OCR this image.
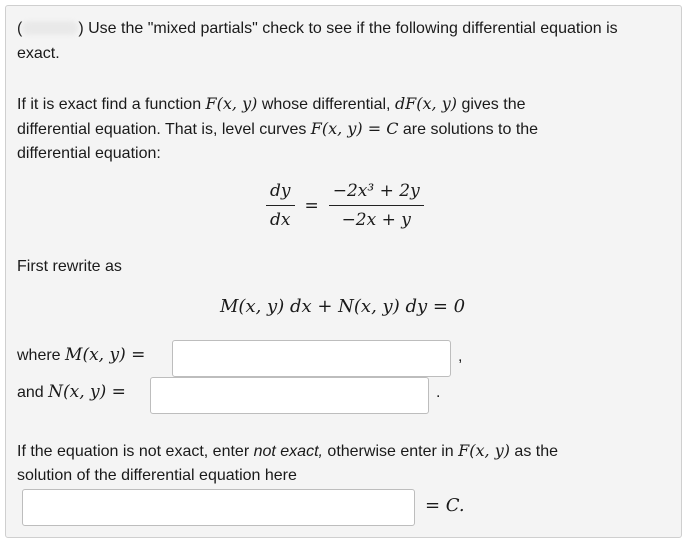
(	) Use the "mixed partials" check to see if the following differential equation is
exact.
If it is exact find a function F(x, y) whose differential, dF(x, y) gives the
differential equation. That is, level curves F(x, y) = C are solutions to the
differential equation:
$\frac{dy}{dx} = \frac{\text{−2x³ + 2y}}{-2x + y}$
First rewrite as
M(x, y) dx + N(x, y) dy = 0
where M(x, y) =	,
and N(x, y) =	.
If the equation is not exact, enter not exact, otherwise enter in F(x, y) as the
solution of the differential equation here
= C.
